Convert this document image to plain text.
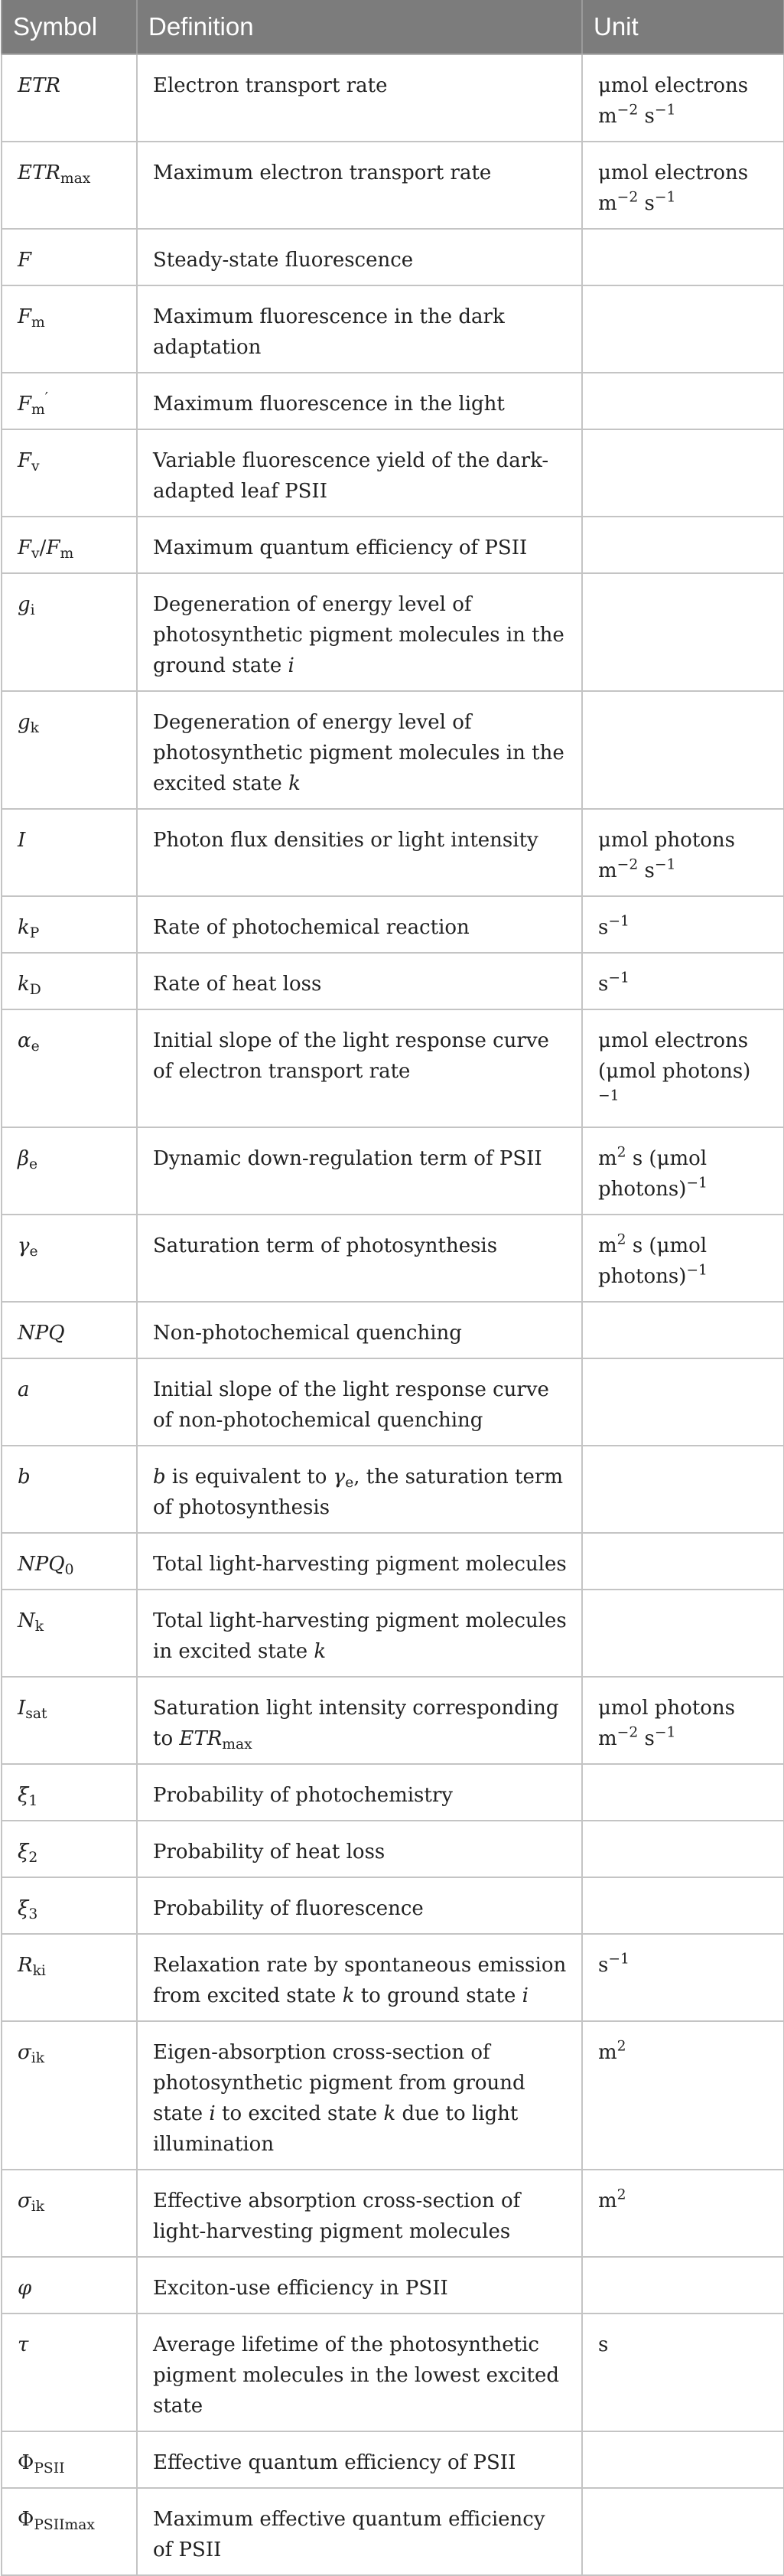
Symbol	Definition	Unit
ETR	Electron transport rate	μmol electrons $m^{-2}$ $s^{-1}$
$ETR_{max}$	Maximum electron transport rate	μmol electrons $m^{-2}$ $s^{-1}$
F	Steady-state fluorescence	
$F_m$	Maximum fluorescence in the dark adaptation	
$F_m'$	Maximum fluorescence in the light	
$F_v$	Variable fluorescence yield of the dark-adapted leaf PSII	
$F_v/F_m$	Maximum quantum efficiency of PSII	
$g_i$	Degeneration of energy level of photosynthetic pigment molecules in the ground state i	
$g_k$	Degeneration of energy level of photosynthetic pigment molecules in the excited state k	
I	Photon flux densities or light intensity	μmol photons $m^{-2}$ $s^{-1}$
$k_P$	Rate of photochemical reaction	$s^{-1}$
$k_D$	Rate of heat loss	$s^{-1}$
$\alpha_e$	Initial slope of the light response curve of electron transport rate	μmol electrons (μmol photons)$^{-1}$
$\beta_e$	Dynamic down-regulation term of PSII	$m^2$ s (μmol photons)$^{-1}$
$\gamma_e$	Saturation term of photosynthesis	$m^2$ s (μmol photons)$^{-1}$
NPQ	Non-photochemical quenching	
a	Initial slope of the light response curve of non-photochemical quenching	
b	b is equivalent to $\gamma_e$, the saturation term of photosynthesis	
$NPQ_0$	Total light-harvesting pigment molecules	
$N_k$	Total light-harvesting pigment molecules in excited state k	
$I_{sat}$	Saturation light intensity corresponding to $ETR_{max}$	μmol photons $m^{-2}$ $s^{-1}$
$\xi_1$	Probability of photochemistry	
$\xi_2$	Probability of heat loss	
$\xi_3$	Probability of fluorescence	
$R_{ki}$	Relaxation rate by spontaneous emission from excited state k to ground state i	$s^{-1}$
$\sigma_{ik}$	Eigen-absorption cross-section of photosynthetic pigment from ground state i to excited state k due to light illumination	$m^2$
$\sigma_{ik}$	Effective absorption cross-section of light-harvesting pigment molecules	$m^2$
φ	Exciton-use efficiency in PSII	
τ	Average lifetime of the photosynthetic pigment molecules in the lowest excited state	s
$\Phi_{PSII}$	Effective quantum efficiency of PSII	
$\Phi_{PSIImax}$	Maximum effective quantum efficiency of PSII	
